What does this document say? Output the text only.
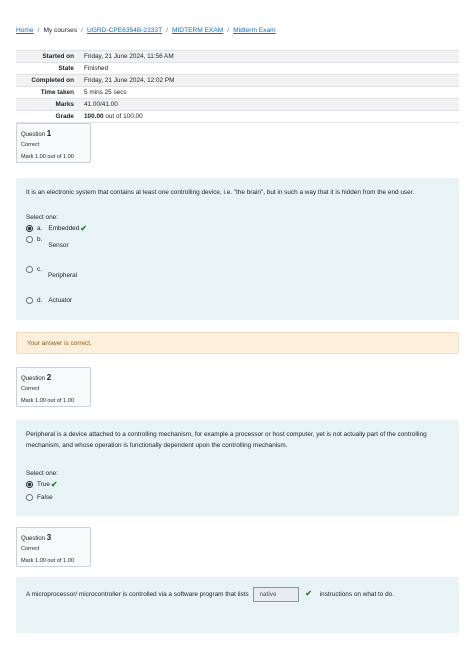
Home / My courses / UGRD-CPE6354B-2333T / MIDTERM EXAM / Midterm Exam
Started on	Friday, 21 June 2024, 11:56 AM
State	Finished
Completed on	Friday, 21 June 2024, 12:02 PM
Time taken	5 mins 25 secs
Marks	41.00/41.00
Grade	100.00 out of 100.00
Question 1
Correct
Mark 1.00 out of 1.00
It is an electronic system that contains at least one controlling device, i.e. "the brain", but in such a way that it is hidden from the end user.
Select one:
a. Embedded ✔
b.
Sensor
c.
Peripheral
d. Actuator
Your answer is correct.
Question 2
Correct
Mark 1.00 out of 1.00
Peripheral is a device attached to a controlling mechanism, for example a processor or host computer, yet is not actually part of the controlling mechanism, and whose operation is functionally dependent upon the controlling mechanism.
Select one:
True ✔
False
Question 3
Correct
Mark 1.00 out of 1.00
A microprocessor/ microcontroller is controlled via a software program that lists native	✔ instructions on what to do.
